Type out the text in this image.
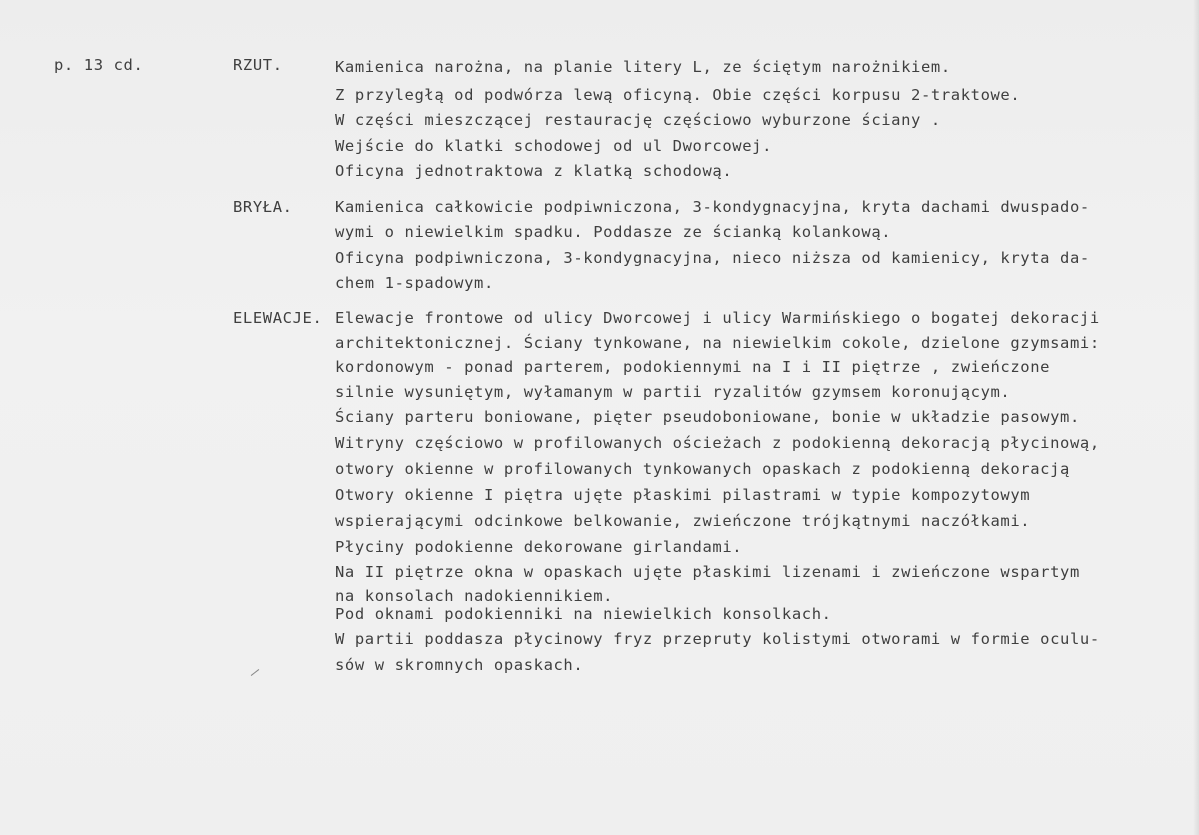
p. 13 cd.	RZUT.	Kamienica narożna, na planie litery L, ze ściętym narożnikiem.
Z przyległą od podwórza lewą oficyną. Obie części korpusu 2-traktowe.
W części mieszczącej restaurację częściowo wyburzone ściany .
Wejście do klatki schodowej od ul Dworcowej.
Oficyna jednotraktowa z klatką schodową.
BRYŁA.	Kamienica całkowicie podpiwniczona, 3-kondygnacyjna, kryta dachami dwuspado-
wymi o niewielkim spadku. Poddasze ze ścianką kolankową.
Oficyna podpiwniczona, 3-kondygnacyjna, nieco niższa od kamienicy, kryta da-
chem 1-spadowym.
ELEWACJE. Elewacje frontowe od ulicy Dworcowej i ulicy Warmińskiego o bogatej dekoracji
architektonicznej. Ściany tynkowane, na niewielkim cokole, dzielone gzymsami:
kordonowym - ponad parterem, podokiennymi na I i II piętrze , zwieńczone
silnie wysuniętym, wyłamanym w partii ryzalitów gzymsem koronującym.
Ściany parteru boniowane, pięter pseudoboniowane, bonie w układzie pasowym.
Witryny częściowo w profilowanych ościeżach z podokienną dekoracją płycinową,
otwory okienne w profilowanych tynkowanych opaskach z podokienną dekoracją
Otwory okienne I piętra ujęte płaskimi pilastrami w typie kompozytowym
wspierającymi odcinkowe belkowanie, zwieńczone trójkątnymi naczółkami.
Płyciny podokienne dekorowane girlandami.
Na II piętrze okna w opaskach ujęte płaskimi lizenami i zwieńczone wspartym
na konsolach nadokiennikiem.
Pod oknami podokienniki na niewielkich konsolkach.
W partii poddasza płycinowy fryz przepruty kolistymi otworami w formie oculu-
sów w skromnych opaskach.
